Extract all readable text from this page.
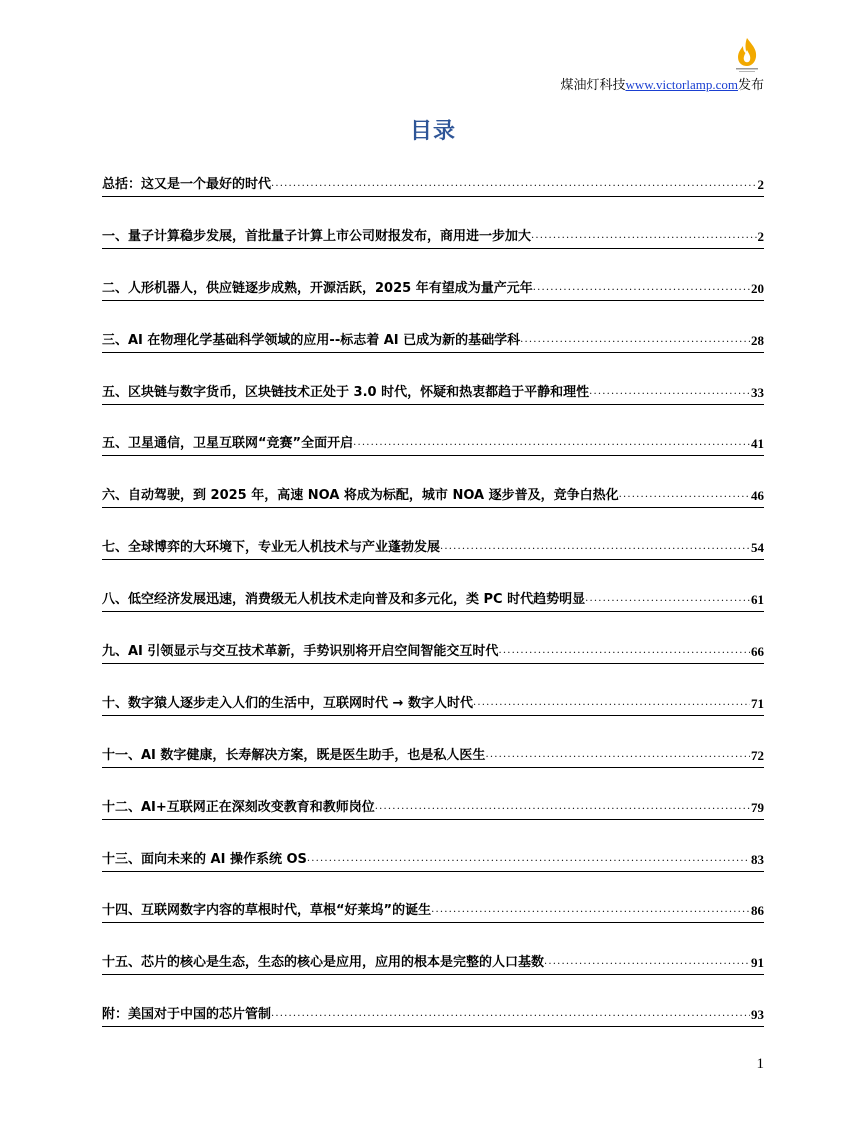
煤油灯科技www.victorlamp.com发布
目录
总括：这又是一个最好的时代 .....	2
一、量子计算稳步发展，首批量子计算上市公司财报发布，商用进一步加大 .....	2
二、人形机器人，供应链逐步成熟，开源活跃，2025 年有望成为量产元年 .....	20
三、AI 在物理化学基础科学领域的应用--标志着 AI 已成为新的基础学科 .....	28
五、区块链与数字货币，区块链技术正处于 3.0 时代，怀疑和热衷都趋于平静和理性 .....	33
五、卫星通信，卫星互联网“竞赛”全面开启 .....	41
六、自动驾驶，到 2025 年，高速 NOA 将成为标配，城市 NOA 逐步普及，竞争白热化 .....	46
七、全球博弈的大环境下，专业无人机技术与产业蓬勃发展 .....	54
八、低空经济发展迅速，消费级无人机技术走向普及和多元化，类 PC 时代趋势明显 .....	61
九、AI 引领显示与交互技术革新，手势识别将开启空间智能交互时代 .....	66
十、数字猿人逐步走入人们的生活中，互联网时代 → 数字人时代 .....	71
十一、AI 数字健康，长寿解决方案，既是医生助手，也是私人医生 .....	72
十二、AI+互联网正在深刻改变教育和教师岗位 .....	79
十三、面向未来的 AI 操作系统 OS .....	83
十四、互联网数字内容的草根时代，草根“好莱坞”的诞生 .....	86
十五、芯片的核心是生态，生态的核心是应用，应用的根本是完整的人口基数 .....	91
附：美国对于中国的芯片管制 .....	93
1
